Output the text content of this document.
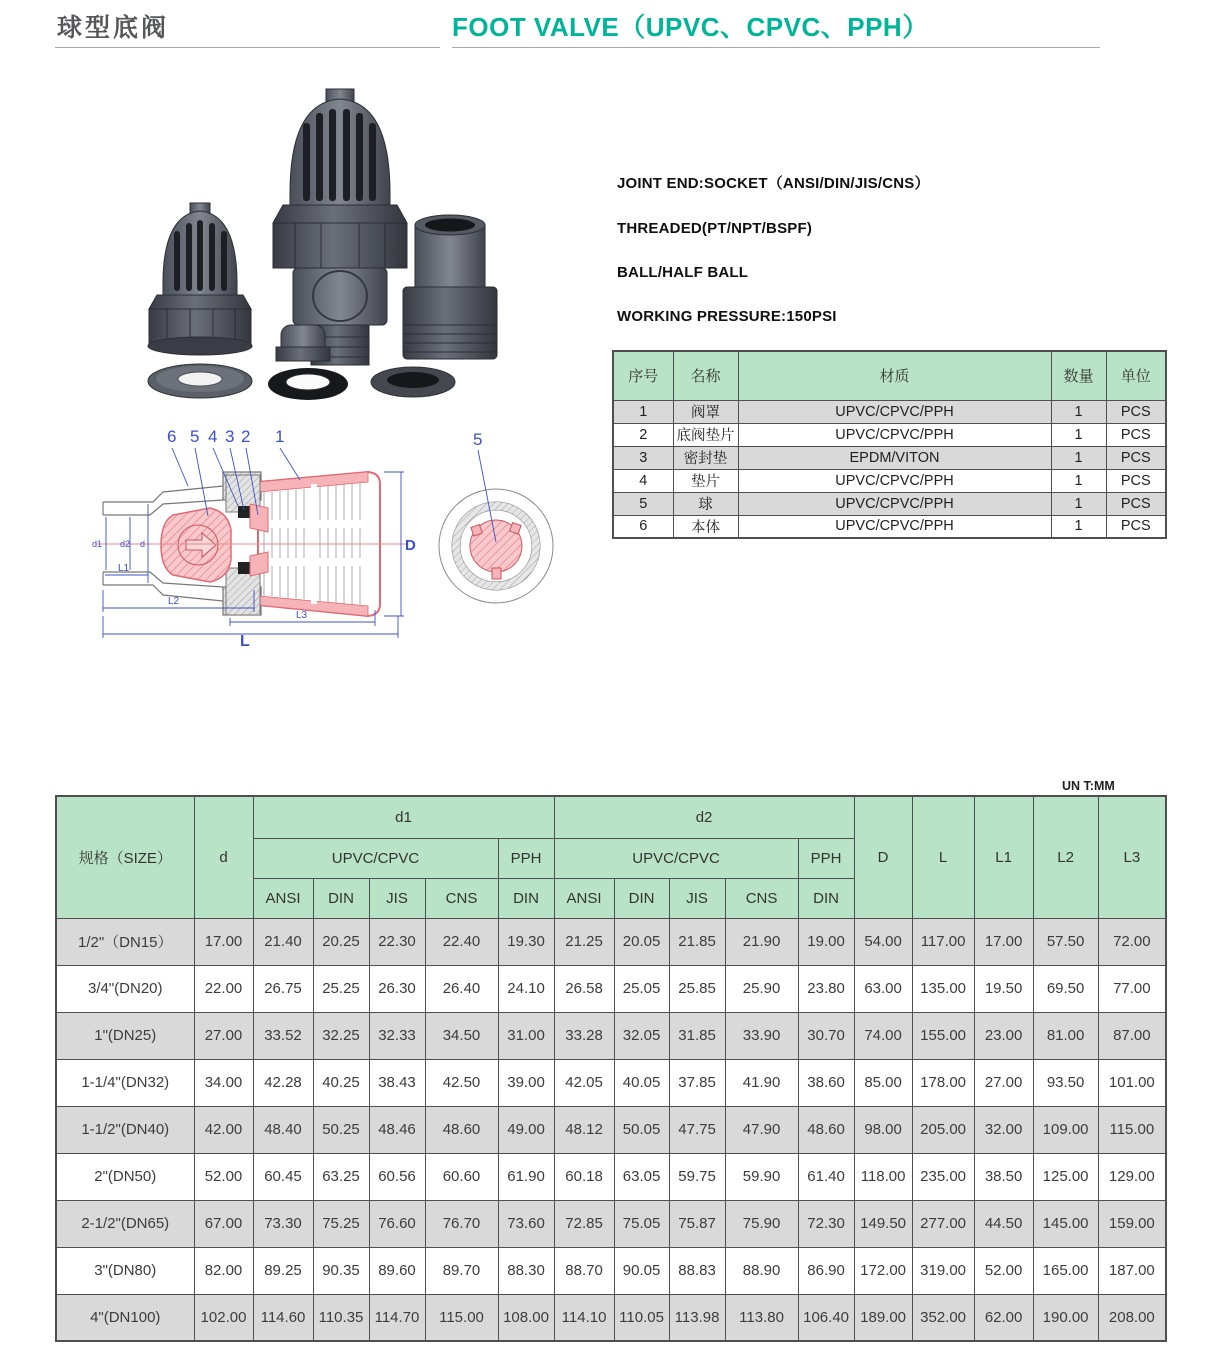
球型底阀	FOOT VALVE（UPVC、CPVC、PPH）

JOINT END:SOCKET（ANSI/DIN/JIS/CNS）

THREADED(PT/NPT/BSPF)

BALL/HALF BALL

WORKING PRESSURE:150PSI

序号	名称	材质	数量	单位
1	阀罩	UPVC/CPVC/PPH	1	PCS
2	底阀垫片	UPVC/CPVC/PPH	1	PCS
3	密封垫	EPDM/VITON	1	PCS
4	垫片	UPVC/CPVC/PPH	1	PCS
5	球	UPVC/CPVC/PPH	1	PCS
6	本体	UPVC/CPVC/PPH	1	PCS
6 5 4 3 2 1
d1 d2 d
L1
L2
L3
L
D
5
UN T:MM
规格（SIZE）	d	d1					d2					D	L	L1	L2	L3
		UPVC/CPVC				PPH	UPVC/CPVC				PPH					
		ANSI	DIN	JIS	CNS	DIN	ANSI	DIN	JIS	CNS	DIN					
1/2"（DN15）	17.00	21.40	20.25	22.30	22.40	19.30	21.25	20.05	21.85	21.90	19.00	54.00	117.00	17.00	57.50	72.00
3/4"(DN20)	22.00	26.75	25.25	26.30	26.40	24.10	26.58	25.05	25.85	25.90	23.80	63.00	135.00	19.50	69.50	77.00
1"(DN25)	27.00	33.52	32.25	32.33	34.50	31.00	33.28	32.05	31.85	33.90	30.70	74.00	155.00	23.00	81.00	87.00
1-1/4"(DN32)	34.00	42.28	40.25	38.43	42.50	39.00	42.05	40.05	37.85	41.90	38.60	85.00	178.00	27.00	93.50	101.00
1-1/2"(DN40)	42.00	48.40	50.25	48.46	48.60	49.00	48.12	50.05	47.75	47.90	48.60	98.00	205.00	32.00	109.00	115.00
2"(DN50)	52.00	60.45	63.25	60.56	60.60	61.90	60.18	63.05	59.75	59.90	61.40	118.00	235.00	38.50	125.00	129.00
2-1/2"(DN65)	67.00	73.30	75.25	76.60	76.70	73.60	72.85	75.05	75.87	75.90	72.30	149.50	277.00	44.50	145.00	159.00
3"(DN80)	82.00	89.25	90.35	89.60	89.70	88.30	88.70	90.05	88.83	88.90	86.90	172.00	319.00	52.00	165.00	187.00
4"(DN100)	102.00	114.60	110.35	114.70	115.00	108.00	114.10	110.05	113.98	113.80	106.40	189.00	352.00	62.00	190.00	208.00
